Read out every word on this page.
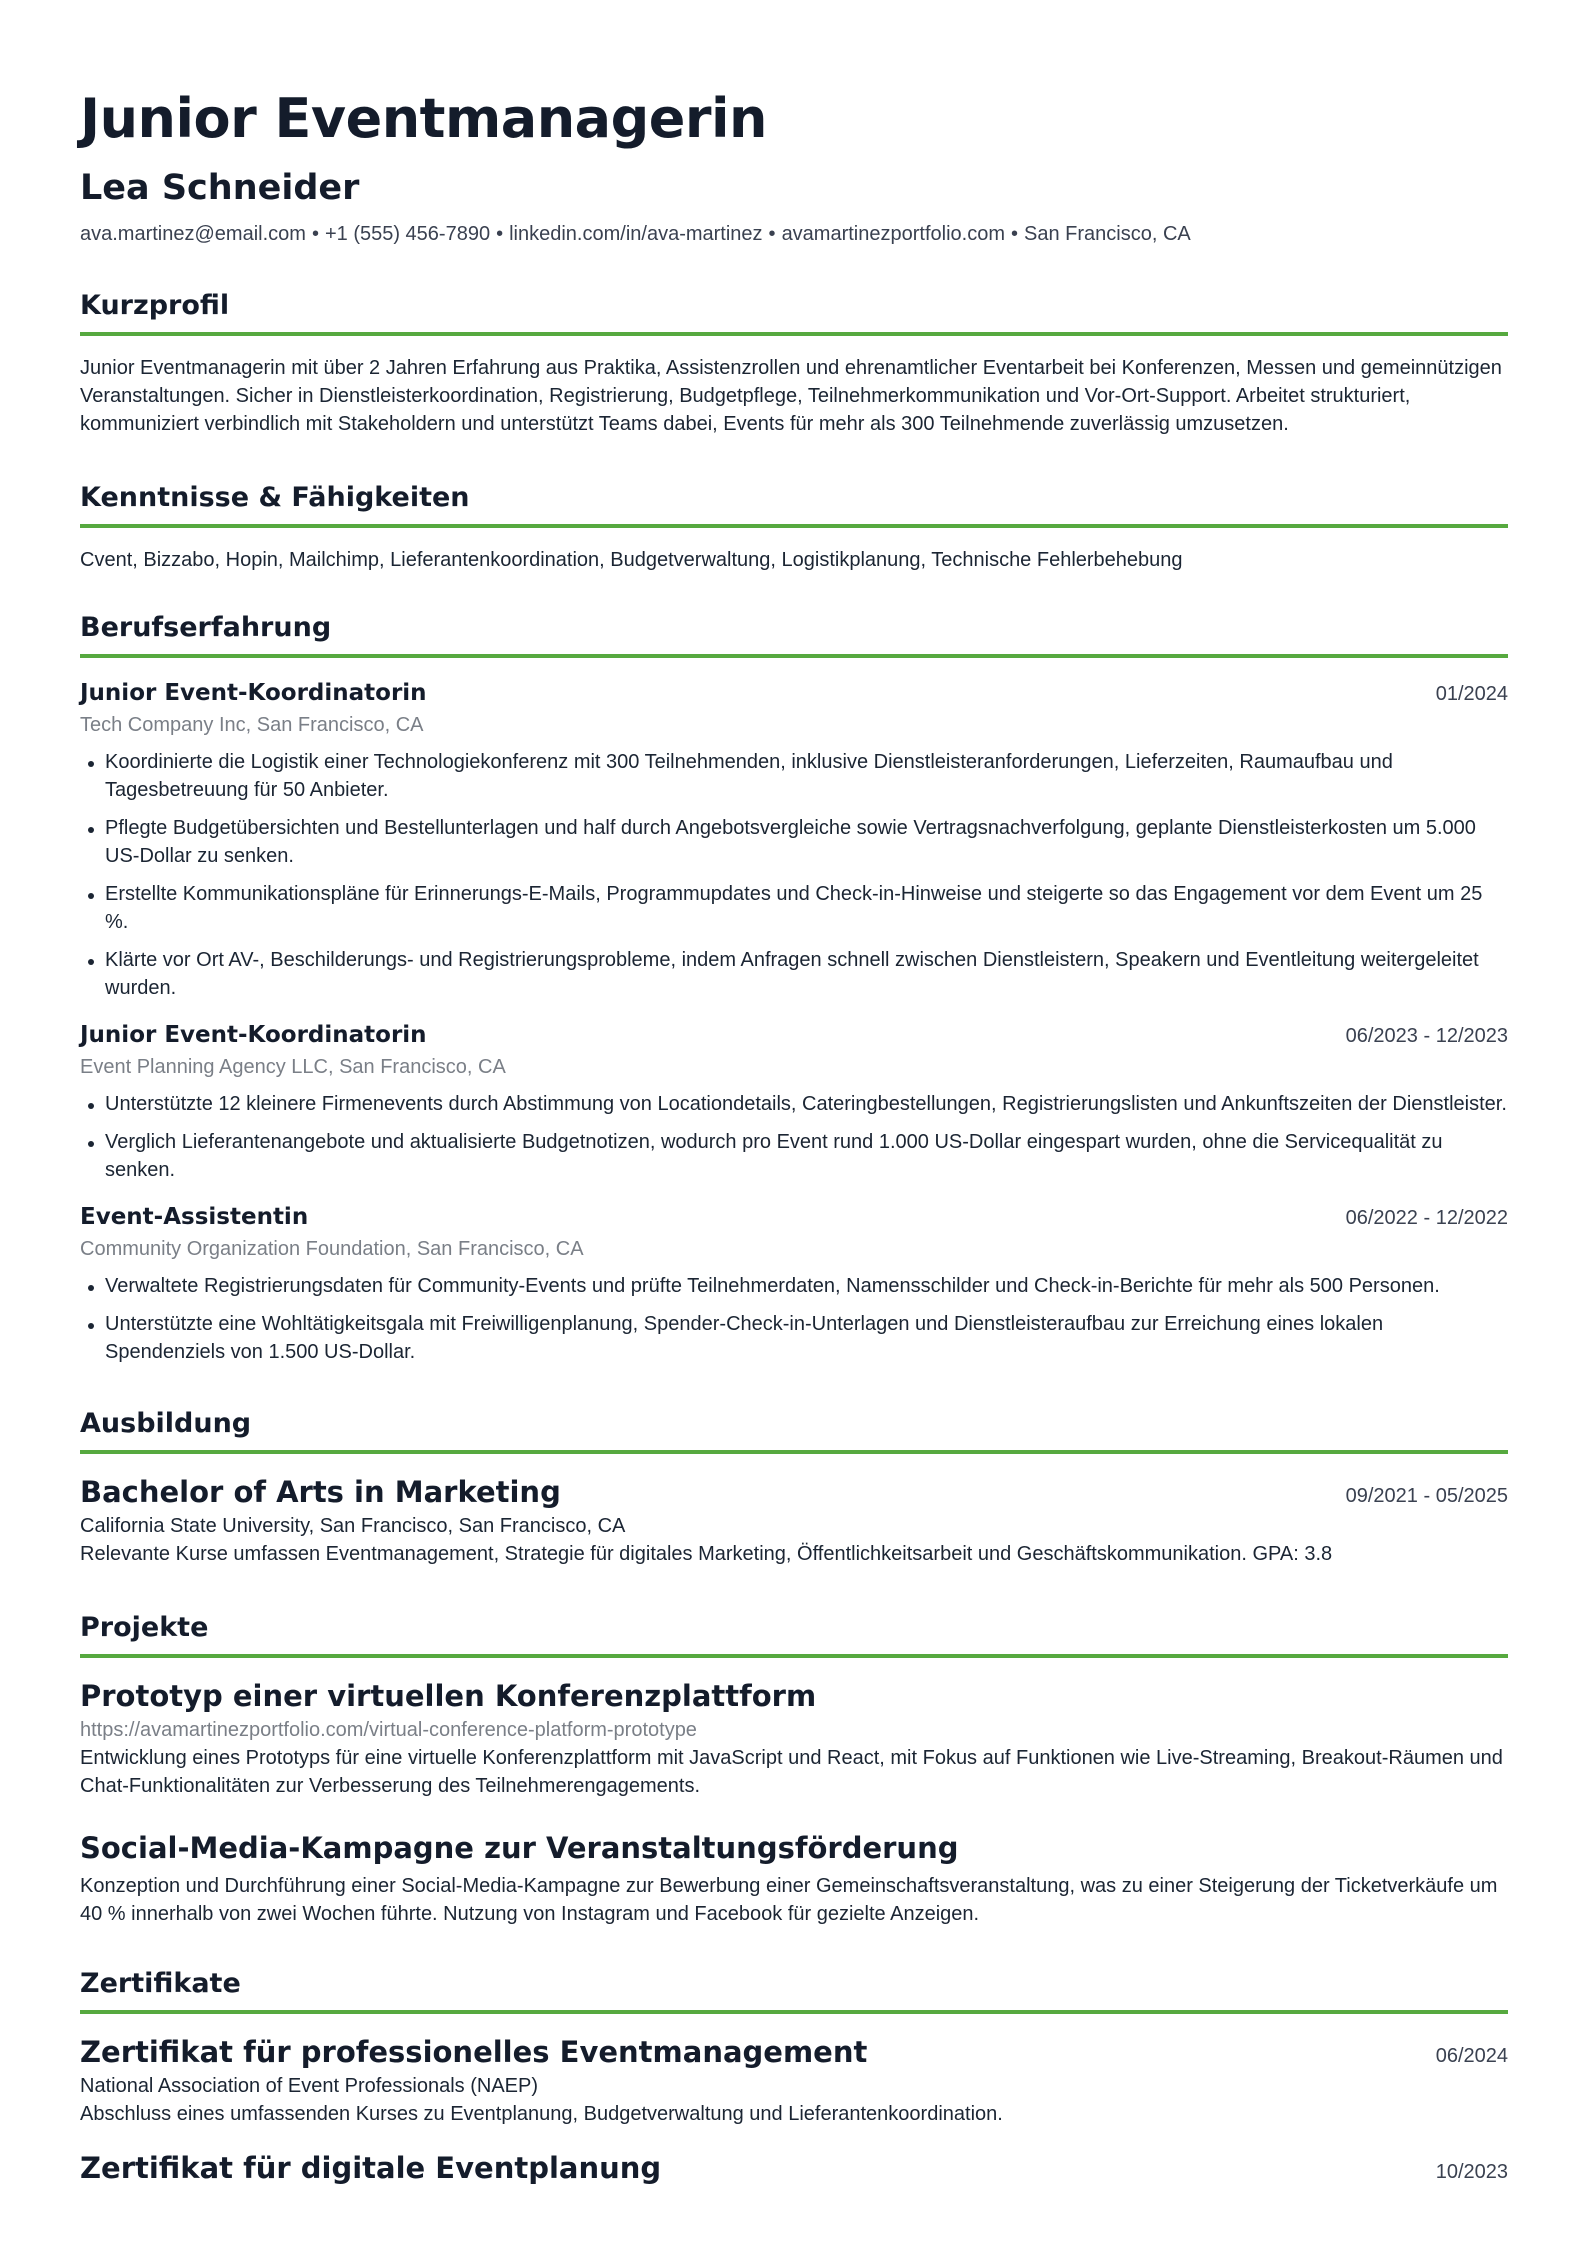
Junior Eventmanagerin
Lea Schneider
ava.martinez@email.com • +1 (555) 456-7890 • linkedin.com/in/ava-martinez • avamartinezportfolio.com • San Francisco, CA
Kurzprofil
Junior Eventmanagerin mit über 2 Jahren Erfahrung aus Praktika, Assistenzrollen und ehrenamtlicher Eventarbeit bei Konferenzen, Messen und gemeinnützigen Veranstaltungen. Sicher in Dienstleisterkoordination, Registrierung, Budgetpflege, Teilnehmerkommunikation und Vor-Ort-Support. Arbeitet strukturiert, kommuniziert verbindlich mit Stakeholdern und unterstützt Teams dabei, Events für mehr als 300 Teilnehmende zuverlässig umzusetzen.
Kenntnisse & Fähigkeiten
Cvent, Bizzabo, Hopin, Mailchimp, Lieferantenkoordination, Budgetverwaltung, Logistikplanung, Technische Fehlerbehebung
Berufserfahrung
Junior Event-Koordinatorin	01/2024
Tech Company Inc, San Francisco, CA
Koordinierte die Logistik einer Technologiekonferenz mit 300 Teilnehmenden, inklusive Dienstleisteranforderungen, Lieferzeiten, Raumaufbau und Tagesbetreuung für 50 Anbieter.
Pflegte Budgetübersichten und Bestellunterlagen und half durch Angebotsvergleiche sowie Vertragsnachverfolgung, geplante Dienstleisterkosten um 5.000 US-Dollar zu senken.
Erstellte Kommunikationspläne für Erinnerungs-E-Mails, Programmupdates und Check-in-Hinweise und steigerte so das Engagement vor dem Event um 25 %.
Klärte vor Ort AV-, Beschilderungs- und Registrierungsprobleme, indem Anfragen schnell zwischen Dienstleistern, Speakern und Eventleitung weitergeleitet wurden.
Junior Event-Koordinatorin	06/2023 - 12/2023
Event Planning Agency LLC, San Francisco, CA
Unterstützte 12 kleinere Firmenevents durch Abstimmung von Locationdetails, Cateringbestellungen, Registrierungslisten und Ankunftszeiten der Dienstleister.
Verglich Lieferantenangebote und aktualisierte Budgetnotizen, wodurch pro Event rund 1.000 US-Dollar eingespart wurden, ohne die Servicequalität zu senken.
Event-Assistentin	06/2022 - 12/2022
Community Organization Foundation, San Francisco, CA
Verwaltete Registrierungsdaten für Community-Events und prüfte Teilnehmerdaten, Namensschilder und Check-in-Berichte für mehr als 500 Personen.
Unterstützte eine Wohltätigkeitsgala mit Freiwilligenplanung, Spender-Check-in-Unterlagen und Dienstleisteraufbau zur Erreichung eines lokalen Spendenziels von 1.500 US-Dollar.
Ausbildung
Bachelor of Arts in Marketing	09/2021 - 05/2025
California State University, San Francisco, San Francisco, CA
Relevante Kurse umfassen Eventmanagement, Strategie für digitales Marketing, Öffentlichkeitsarbeit und Geschäftskommunikation. GPA: 3.8
Projekte
Prototyp einer virtuellen Konferenzplattform
https://avamartinezportfolio.com/virtual-conference-platform-prototype
Entwicklung eines Prototyps für eine virtuelle Konferenzplattform mit JavaScript und React, mit Fokus auf Funktionen wie Live-Streaming, Breakout-Räumen und Chat-Funktionalitäten zur Verbesserung des Teilnehmerengagements.
Social-Media-Kampagne zur Veranstaltungsförderung
Konzeption und Durchführung einer Social-Media-Kampagne zur Bewerbung einer Gemeinschaftsveranstaltung, was zu einer Steigerung der Ticketverkäufe um 40 % innerhalb von zwei Wochen führte. Nutzung von Instagram und Facebook für gezielte Anzeigen.
Zertifikate
Zertifikat für professionelles Eventmanagement	06/2024
National Association of Event Professionals (NAEP)
Abschluss eines umfassenden Kurses zu Eventplanung, Budgetverwaltung und Lieferantenkoordination.
Zertifikat für digitale Eventplanung	10/2023
